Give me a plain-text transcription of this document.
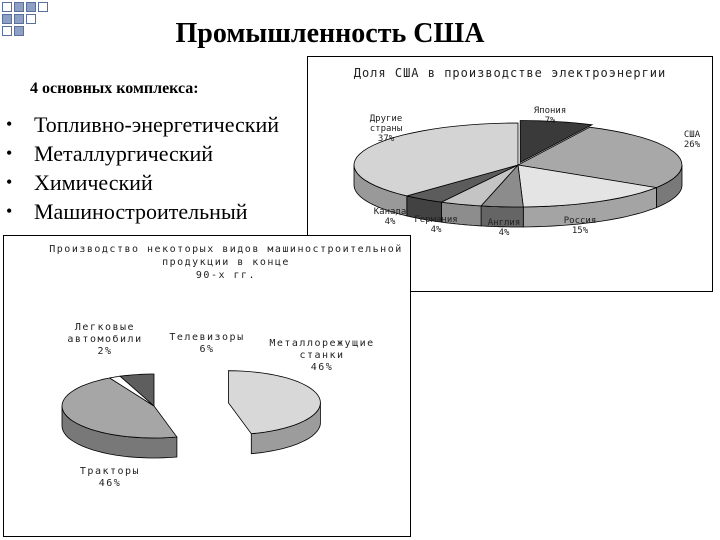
Промышленность США
4 основных комплекса:
• Топливно-энергетический
• Металлургический
• Химический
• Машиностроительный
Доля США в производстве электроэнергии
Япония
7%
США
26%
Россия
15%
Англия
4%
Германия
4%
Канада
4%
Другие
страны
37%
Производство некоторых видов машиностроительной
продукции в конце
90-х гг.
Металлорежущие
станки
46%
Тракторы
46%
Легковые
автомобили
2%
Телевизоры
6%
